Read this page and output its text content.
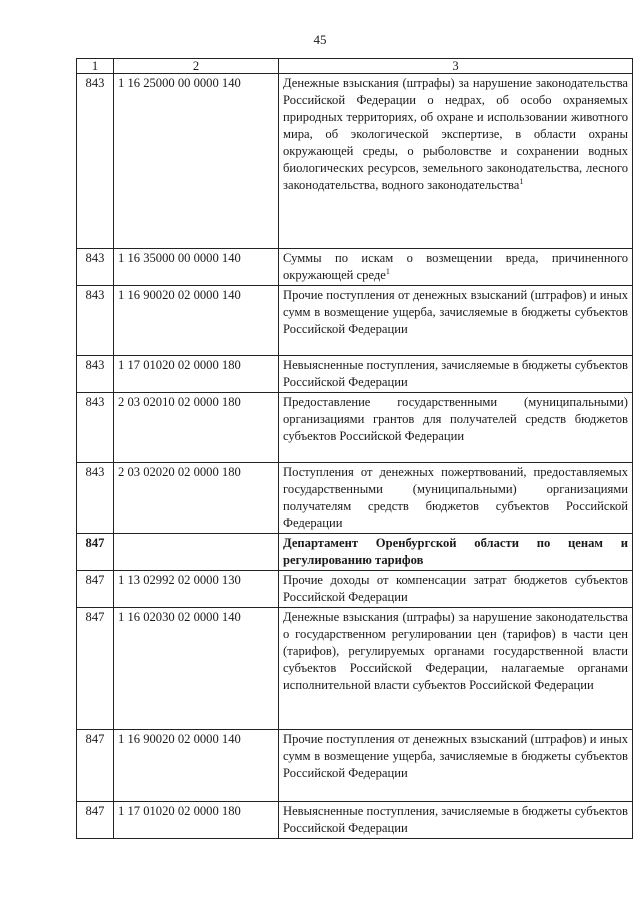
45
1	2	3
843	1 16 25000 00 0000 140	Денежные взыскания (штрафы) за нарушение законодательства Российской Федерации о недрах, об особо охраняемых природных территориях, об охране и использовании животного мира, об экологической экспертизе, в области охраны окружающей среды, о рыболовстве и сохранении водных биологических ресурсов, земельного законодательства, лесного законодательства, водного законодательства$^1$
843	1 16 35000 00 0000 140	Суммы по искам о возмещении вреда, причиненного окружающей среде$^1$
843	1 16 90020 02 0000 140	Прочие поступления от денежных взысканий (штрафов) и иных сумм в возмещение ущерба, зачисляемые в бюджеты субъектов Российской Федерации
843	1 17 01020 02 0000 180	Невыясненные поступления, зачисляемые в бюджеты субъектов Российской Федерации
843	2 03 02010 02 0000 180	Предоставление государственными (муниципальными) организациями грантов для получателей средств бюджетов субъектов Российской Федерации
843	2 03 02020 02 0000 180	Поступления от денежных пожертвований, предоставляемых государственными (муниципальными) организациями получателям средств бюджетов субъектов Российской Федерации
847		Департамент Оренбургской области по ценам и регулированию тарифов
847	1 13 02992 02 0000 130	Прочие доходы от компенсации затрат бюджетов субъектов Российской Федерации
847	1 16 02030 02 0000 140	Денежные взыскания (штрафы) за нарушение законодательства о государственном регулировании цен (тарифов) в части цен (тарифов), регулируемых органами государственной власти субъектов Российской Федерации, налагаемые органами исполнительной власти субъектов Российской Федерации
847	1 16 90020 02 0000 140	Прочие поступления от денежных взысканий (штрафов) и иных сумм в возмещение ущерба, зачисляемые в бюджеты субъектов Российской Федерации
847	1 17 01020 02 0000 180	Невыясненные поступления, зачисляемые в бюджеты субъектов Российской Федерации
